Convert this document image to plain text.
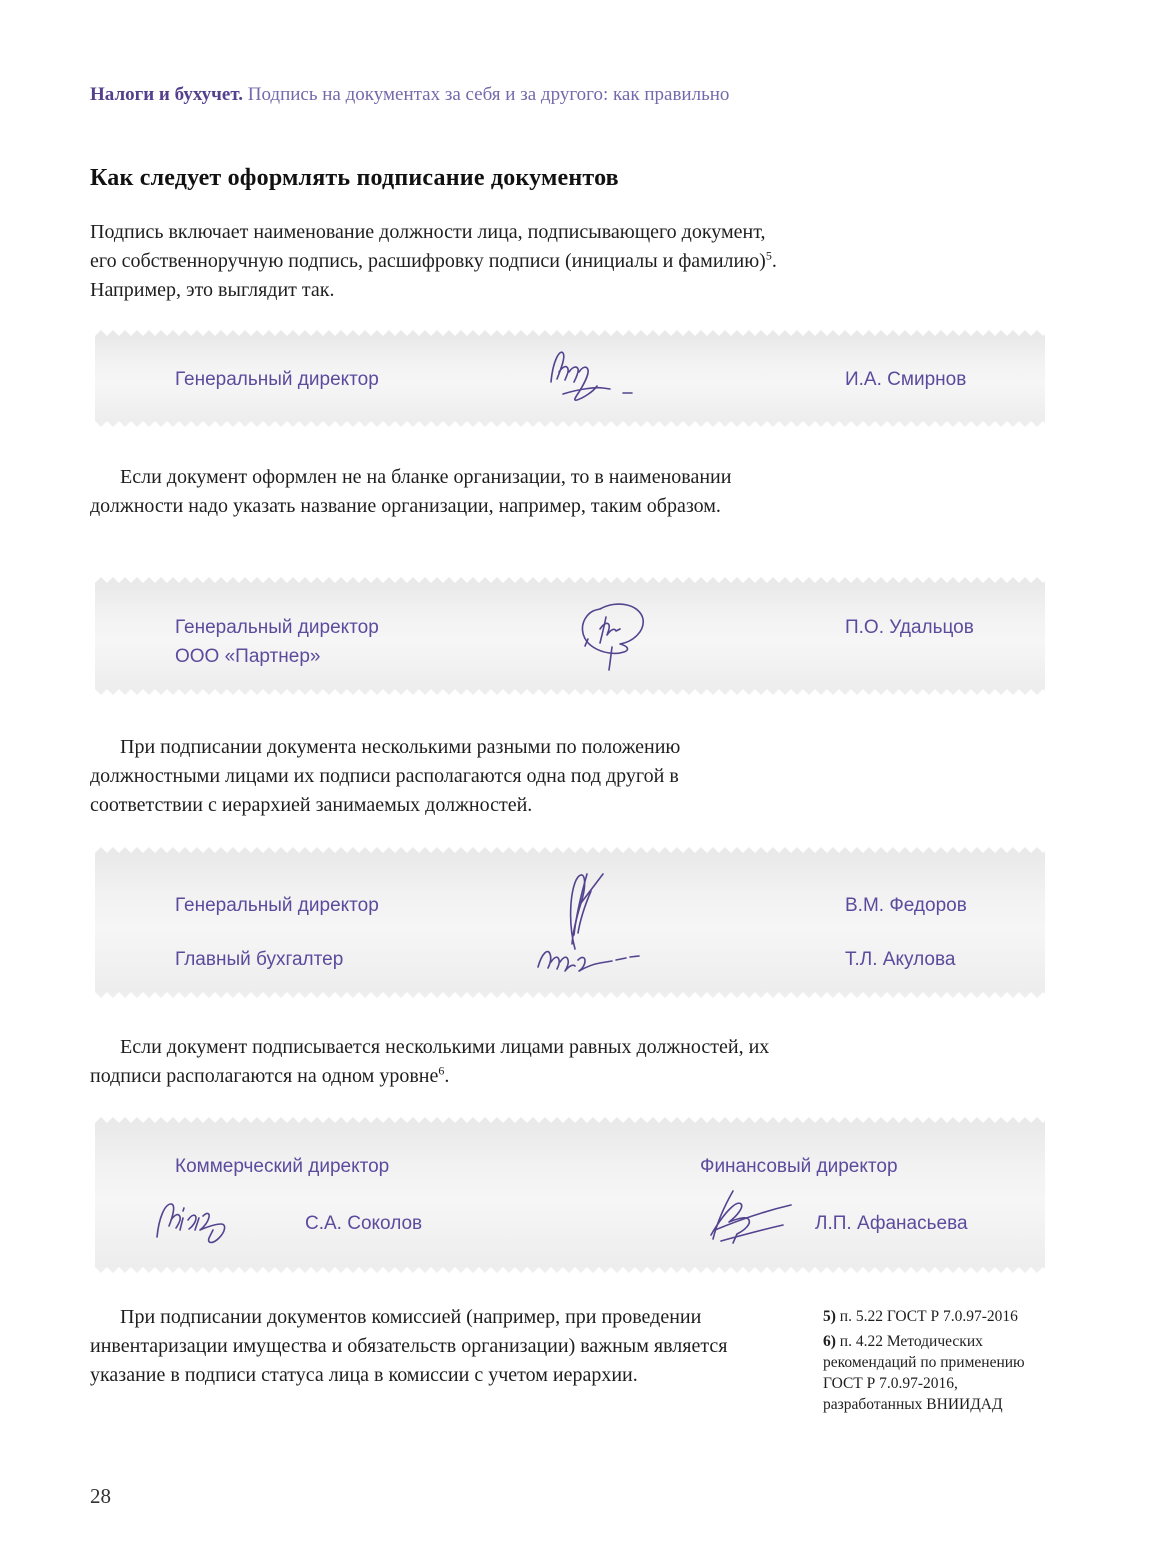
Налоги и бухучет. Подпись на документах за себя и за другого: как правильно
Как следует оформлять подписание документов

Подпись включает наименование должности лица, подписывающего документ, его собственноручную подпись, расшифровку подписи (инициалы и фамилию)$^5$. Например, это выглядит так.

Генеральный директор	И.А. Смирнов

Если документ оформлен не на бланке организации, то в наименовании должности надо указать название организации, например, таким образом.

Генеральный директор
ООО «Партнер»
П.О. Удальцов

При подписании документа несколькими разными по положению должностными лицами их подписи располагаются одна под другой в соответствии с иерархией занимаемых должностей.

Генеральный директор	В.М. Федоров
Главный бухгалтер	Т.Л. Акулова

Если документ подписывается несколькими лицами равных должностей, их подписи располагаются на одном уровне$^6$.

Коммерческий директор	Финансовый директор
С.А. Соколов	Л.П. Афанасьева

При подписании документов комиссией (например, при проведении инвентаризации имущества и обязательств организации) важным является указание в подписи статуса лица в комиссии с учетом иерархии.

5) п. 5.22 ГОСТ Р 7.0.97-2016
6) п. 4.22 Методических рекомендаций по применению ГОСТ Р 7.0.97-2016, разработанных ВНИИДАД
28
